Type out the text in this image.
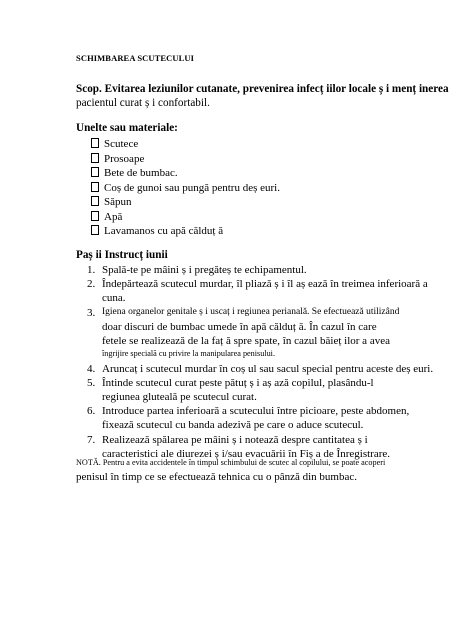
SCHIMBAREA SCUTECULUI
Scop. Evitarea leziunilor cutanate, prevenirea infecț iilor locale ș i menț inerea
pacientul curat ș i confortabil.
Unelte sau materiale:
Scutece
Prosoape
Bete de bumbac.
Coș de gunoi sau pungă pentru deș euri.
Săpun
Apă
Lavamanos cu apă călduț ă
Paș ii Instrucț iunii
1. Spală-te pe mâini ș i pregăteș te echipamentul.
2. Îndepărtează scutecul murdar, îl pliază ș i îl aș ează în treimea inferioară a
cuna.
3. Igiena organelor genitale ș i uscaț i regiunea perianală. Se efectuează utilizând
doar discuri de bumbac umede în apă călduț ă. În cazul în care
fetele se realizează de la faț ă spre spate, în cazul băieț ilor a avea
îngrijire specială cu privire la manipularea penisului.
4. Aruncaț i scutecul murdar în coș ul sau sacul special pentru aceste deș euri.
5. Întinde scutecul curat peste pătuț ș i aș ază copilul, plasându-l
regiunea gluteală pe scutecul curat.
6. Introduce partea inferioară a scutecului între picioare, peste abdomen,
fixează scutecul cu banda adezivă pe care o aduce scutecul.
7. Realizează spălarea pe mâini ș i notează despre cantitatea ș i
caracteristici ale diurezei ș i/sau evacuării în Fiș a de Înregistrare.
NOTĂ. Pentru a evita accidentele în timpul schimbului de scutec al copilului, se poate acoperi
penisul în timp ce se efectuează tehnica cu o pânză din bumbac.
